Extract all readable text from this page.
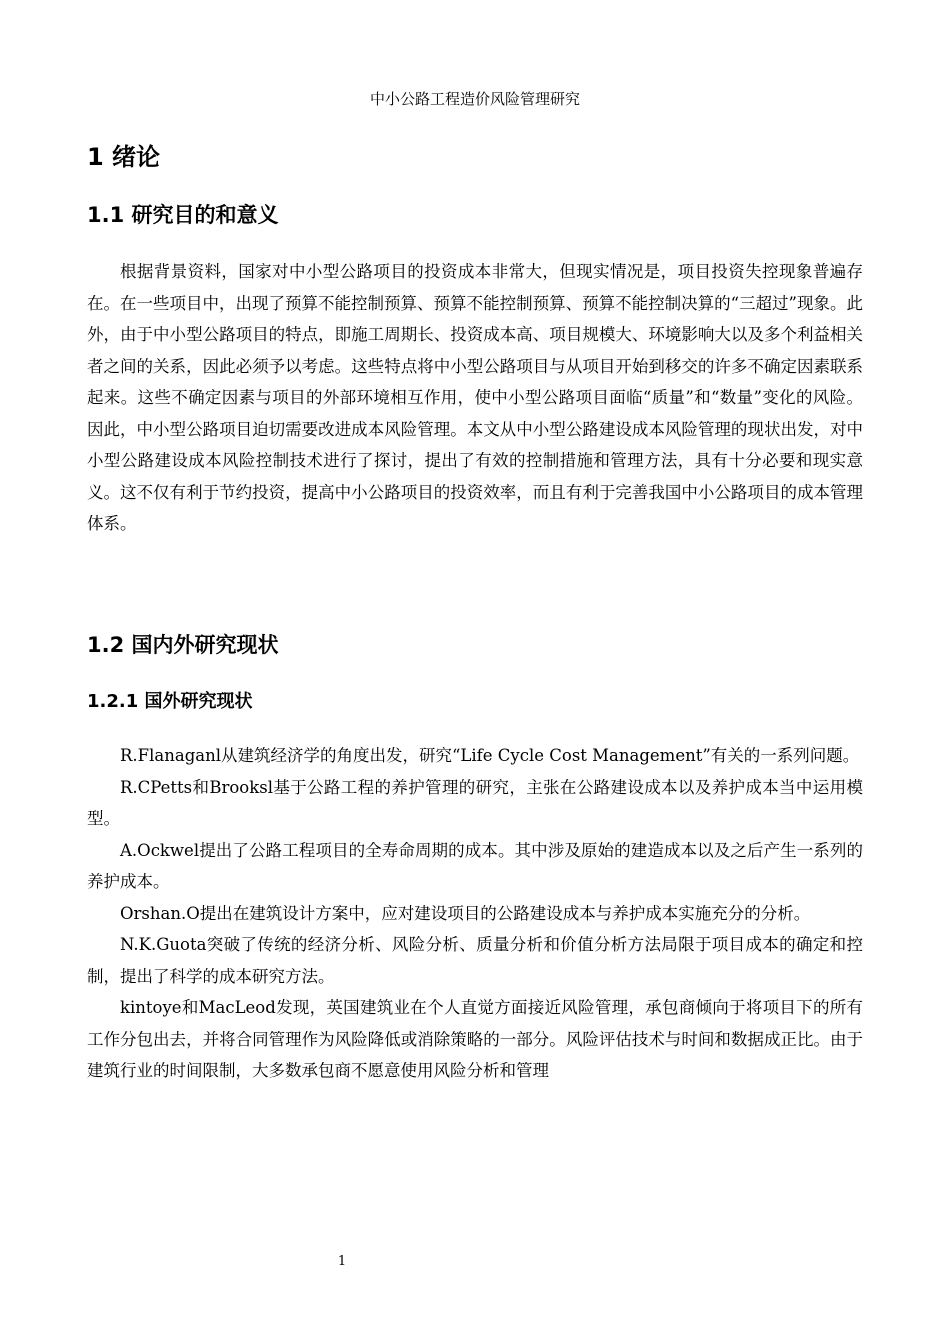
中小公路工程造价风险管理研究
1 绪论
1.1 研究目的和意义

根据背景资料，国家对中小型公路项目的投资成本非常大，但现实情况是，项目投资失控现象普遍存在。在一些项目中，出现了预算不能控制预算、预算不能控制预算、预算不能控制决算的“三超过”现象。此外，由于中小型公路项目的特点，即施工周期长、投资成本高、项目规模大、环境影响大以及多个利益相关者之间的关系，因此必须予以考虑。这些特点将中小型公路项目与从项目开始到移交的许多不确定因素联系起来。这些不确定因素与项目的外部环境相互作用，使中小型公路项目面临“质量”和“数量”变化的风险。因此，中小型公路项目迫切需要改进成本风险管理。本文从中小型公路建设成本风险管理的现状出发，对中小型公路建设成本风险控制技术进行了探讨，提出了有效的控制措施和管理方法，具有十分必要和现实意义。这不仅有利于节约投资，提高中小公路项目的投资效率，而且有利于完善我国中小公路项目的成本管理体系。

1.2 国内外研究现状
1.2.1 国外研究现状

R.Flanaganl从建筑经济学的角度出发，研究“Life Cycle Cost Management”有关的一系列问题。

R.CPetts和Brooksl基于公路工程的养护管理的研究，主张在公路建设成本以及养护成本当中运用模型。

A.Ockwel提出了公路工程项目的全寿命周期的成本。其中涉及原始的建造成本以及之后产生一系列的养护成本。

Orshan.O提出在建筑设计方案中，应对建设项目的公路建设成本与养护成本实施充分的分析。

N.K.Guota突破了传统的经济分析、风险分析、质量分析和价值分析方法局限于项目成本的确定和控制，提出了科学的成本研究方法。

kintoye和MacLeod发现，英国建筑业在个人直觉方面接近风险管理，承包商倾向于将项目下的所有工作分包出去，并将合同管理作为风险降低或消除策略的一部分。风险评估技术与时间和数据成正比。由于建筑行业的时间限制，大多数承包商不愿意使用风险分析和管理

1
